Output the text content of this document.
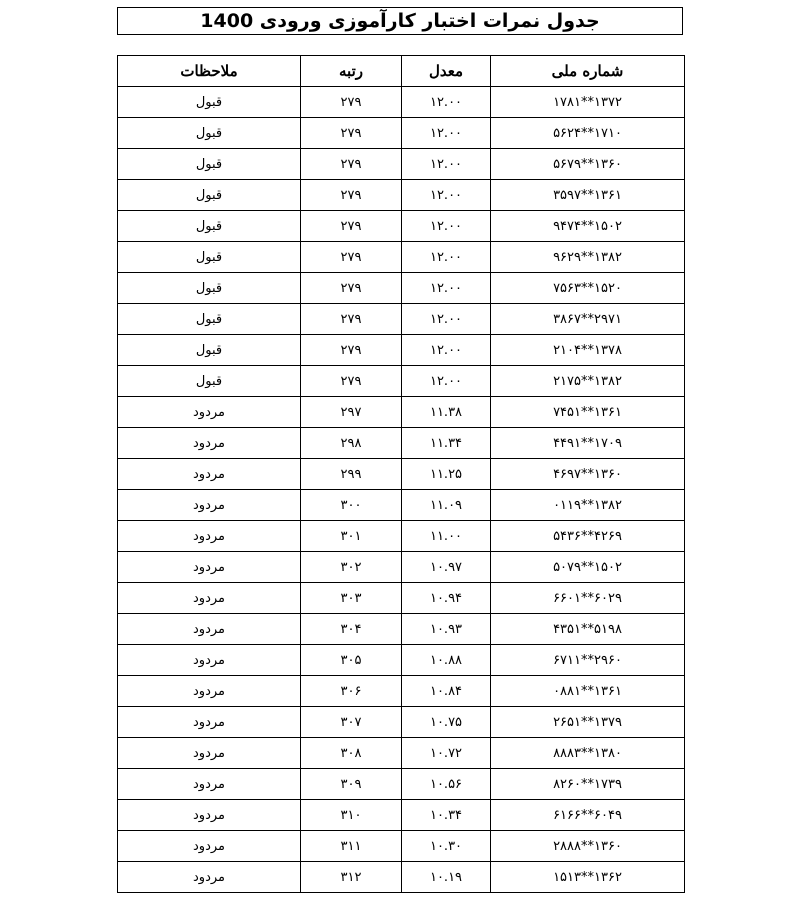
جدول نمرات اختبار کارآموزی ورودی 1400
شماره ملی	معدل	رتبه	ملاحظات
۱۳۷۲**۱۷۸۱	۱۲.۰۰	۲۷۹	قبول
۱۷۱۰**۵۶۲۴	۱۲.۰۰	۲۷۹	قبول
۱۳۶۰**۵۶۷۹	۱۲.۰۰	۲۷۹	قبول
۱۳۶۱**۳۵۹۷	۱۲.۰۰	۲۷۹	قبول
۱۵۰۲**۹۴۷۴	۱۲.۰۰	۲۷۹	قبول
۱۳۸۲**۹۶۲۹	۱۲.۰۰	۲۷۹	قبول
۱۵۲۰**۷۵۶۳	۱۲.۰۰	۲۷۹	قبول
۲۹۷۱**۳۸۶۷	۱۲.۰۰	۲۷۹	قبول
۱۳۷۸**۲۱۰۴	۱۲.۰۰	۲۷۹	قبول
۱۳۸۲**۲۱۷۵	۱۲.۰۰	۲۷۹	قبول
۱۳۶۱**۷۴۵۱	۱۱.۳۸	۲۹۷	مردود
۱۷۰۹**۴۴۹۱	۱۱.۳۴	۲۹۸	مردود
۱۳۶۰**۴۶۹۷	۱۱.۲۵	۲۹۹	مردود
۱۳۸۲**۰۱۱۹	۱۱.۰۹	۳۰۰	مردود
۴۲۶۹**۵۴۳۶	۱۱.۰۰	۳۰۱	مردود
۱۵۰۲**۵۰۷۹	۱۰.۹۷	۳۰۲	مردود
۶۰۲۹**۶۶۰۱	۱۰.۹۴	۳۰۳	مردود
۵۱۹۸**۴۳۵۱	۱۰.۹۳	۳۰۴	مردود
۲۹۶۰**۶۷۱۱	۱۰.۸۸	۳۰۵	مردود
۱۳۶۱**۰۸۸۱	۱۰.۸۴	۳۰۶	مردود
۱۳۷۹**۲۶۵۱	۱۰.۷۵	۳۰۷	مردود
۱۳۸۰**۸۸۸۳	۱۰.۷۲	۳۰۸	مردود
۱۷۳۹**۸۲۶۰	۱۰.۵۶	۳۰۹	مردود
۶۰۴۹**۶۱۶۶	۱۰.۳۴	۳۱۰	مردود
۱۳۶۰**۲۸۸۸	۱۰.۳۰	۳۱۱	مردود
۱۳۶۲**۱۵۱۳	۱۰.۱۹	۳۱۲	مردود
